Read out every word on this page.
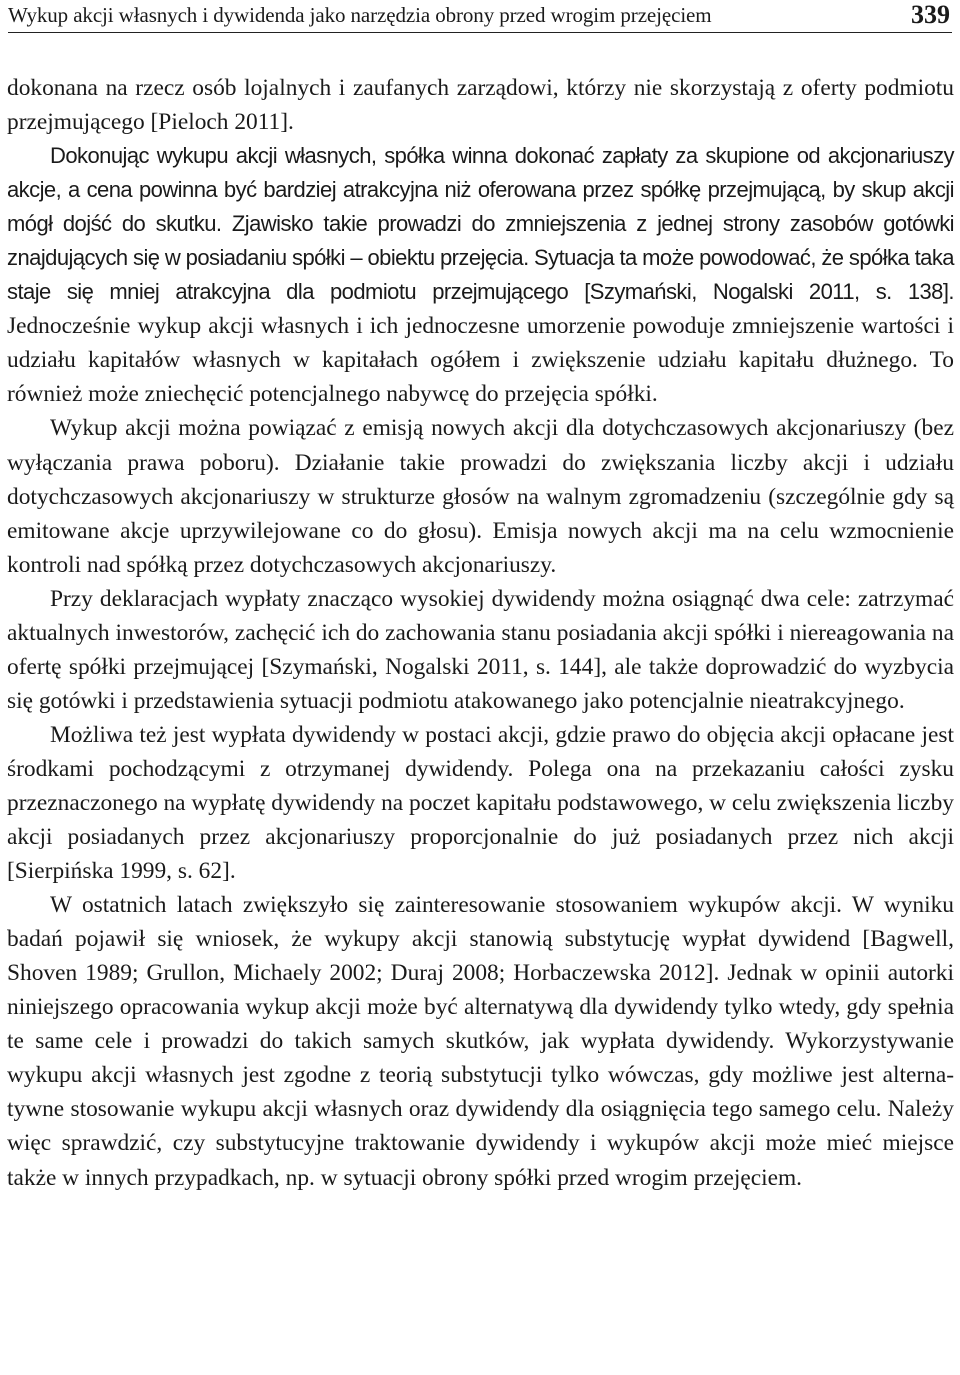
Wykup akcji własnych i dywidenda jako narzędzia obrony przed wrogim przejęciem	339

dokonana na rzecz osób lojalnych i zaufanych zarządowi, którzy nie skorzystają z oferty podmiotu przejmującego [Pieloch 2011].

Dokonując wykupu akcji własnych, spółka winna dokonać zapłaty za skupione od akcjonariuszy akcje, a cena powinna być bardziej atrakcyjna niż oferowana przez spółkę przejmującą, by skup akcji mógł dojść do skutku. Zjawisko takie prowadzi do zmniejszenia z jednej strony zasobów gotówki znajdujących się w posiadaniu spółki – obiektu przejęcia. Sytuacja ta może powodować, że spółka taka staje się mniej atrakcyjna dla podmiotu przejmującego [Szymański, Nogalski 2011, s. 138]. Jednocześnie wykup akcji własnych i ich jednoczesne umorzenie powoduje zmniejszenie wartości i udziału kapitałów własnych w kapitałach ogółem i zwiększenie udziału kapitału dłużnego. To również może zniechęcić potencjalnego nabywcę do przejęcia spółki.

Wykup akcji można powiązać z emisją nowych akcji dla dotychczasowych akcjonariuszy (bez wyłączania prawa poboru). Działanie takie prowadzi do zwiększania liczby akcji i udziału dotychczasowych akcjonariuszy w strukturze głosów na walnym zgromadzeniu (szczególnie gdy są emitowane akcje uprzywilejowane co do głosu). Emisja nowych akcji ma na celu wzmocnienie kontroli nad spółką przez dotychczasowych akcjonariuszy.

Przy deklaracjach wypłaty znacząco wysokiej dywidendy można osiągnąć dwa cele: zatrzymać aktualnych inwestorów, zachęcić ich do zachowania stanu posiadania akcji spółki i niereagowania na ofertę spółki przejmującej [Szymański, Nogalski 2011, s. 144], ale także doprowadzić do wyzbycia się gotówki i przedstawienia sytuacji podmiotu atakowanego jako potencjalnie nieatrakcyjnego.

Możliwa też jest wypłata dywidendy w postaci akcji, gdzie prawo do objęcia akcji opłacane jest środkami pochodzącymi z otrzymanej dywidendy. Polega ona na przekazaniu całości zysku przeznaczonego na wypłatę dywidendy na poczet kapitału podstawowego, w celu zwiększenia liczby akcji posiadanych przez akcjonariuszy proporcjonalnie do już posiadanych przez nich akcji [Sierpińska 1999, s. 62].

W ostatnich latach zwiększyło się zainteresowanie stosowaniem wykupów akcji. W wyniku badań pojawił się wniosek, że wykupy akcji stanowią substytucję wypłat dywidend [Bagwell, Shoven 1989; Grullon, Michaely 2002; Duraj 2008; Horbaczewska 2012]. Jednak w opinii autorki niniejszego opracowania wykup akcji może być alternatywą dla dywidendy tylko wtedy, gdy spełnia te same cele i prowadzi do takich samych skutków, jak wypłata dywidendy. Wykorzystywanie wykupu akcji własnych jest zgodne z teorią substytucji tylko wówczas, gdy możliwe jest alternatywne stosowanie wykupu akcji własnych oraz dywidendy dla osiągnięcia tego samego celu. Należy więc sprawdzić, czy substytucyjne traktowanie dywidendy i wykupów akcji może mieć miejsce także w innych przypadkach, np. w sytuacji obrony spółki przed wrogim przejęciem.
